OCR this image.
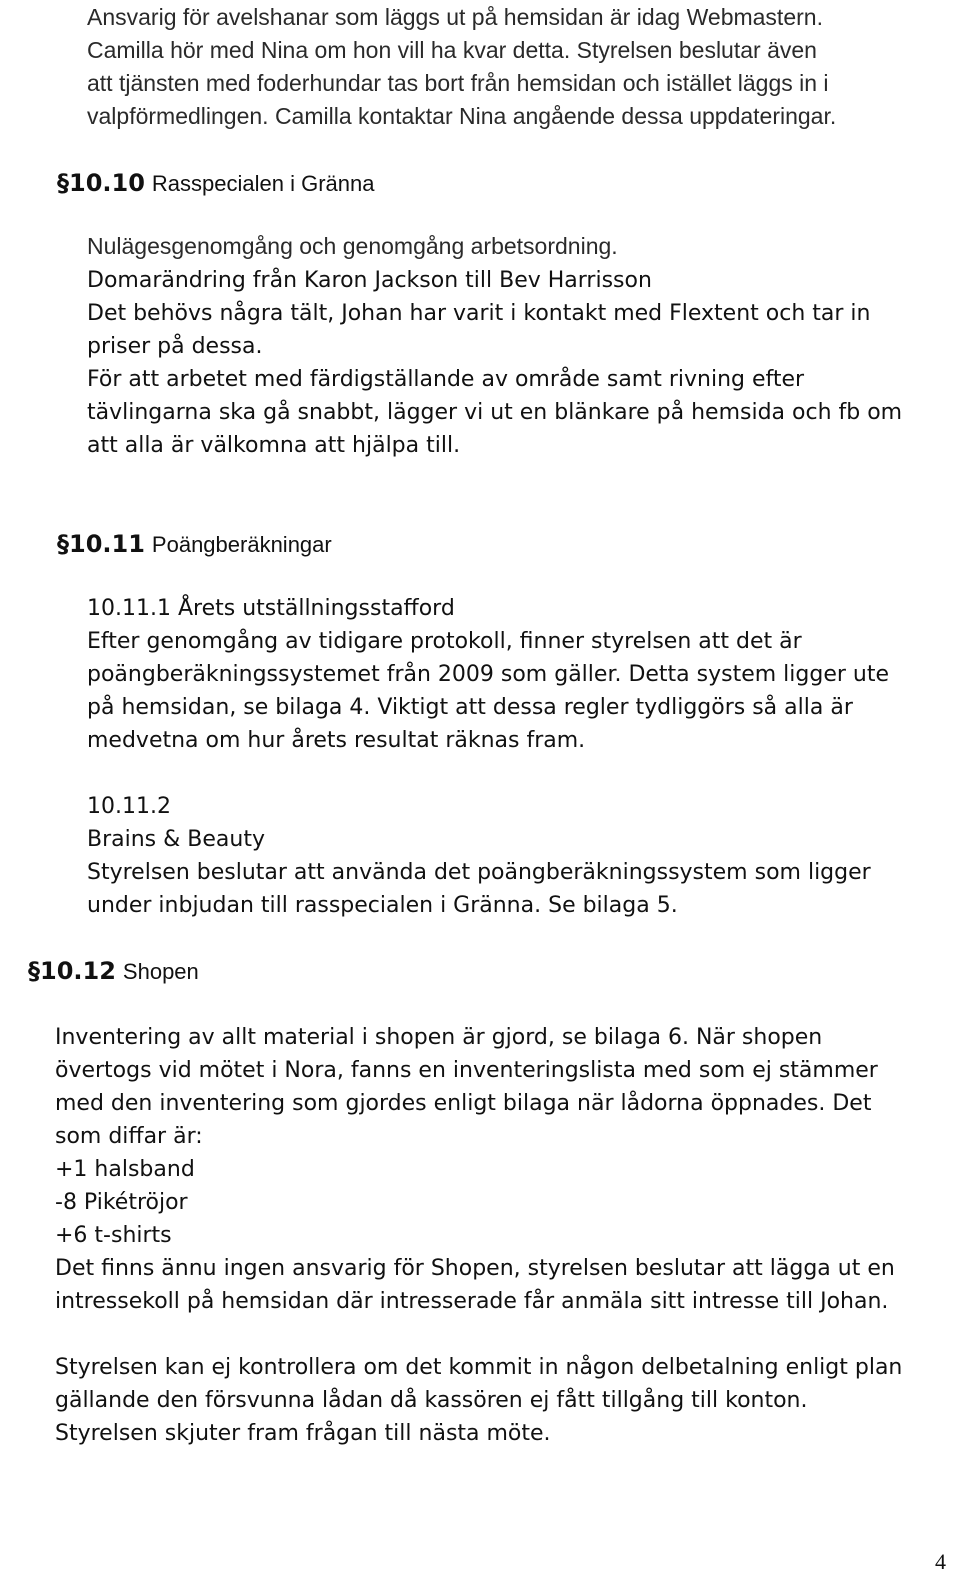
Ansvarig för avelshanar som läggs ut på hemsidan är idag Webmastern.

Camilla hör med Nina om hon vill ha kvar detta. Styrelsen beslutar även

att tjänsten med foderhundar tas bort från hemsidan och istället läggs in i

valpförmedlingen. Camilla kontaktar Nina angående dessa uppdateringar.

§10.10 Rasspecialen i Gränna

Nulägesgenomgång och genomgång arbetsordning.

Domarändring från Karon Jackson till Bev Harrisson

Det behövs några tält, Johan har varit i kontakt med Flextent och tar in

priser på dessa.

För att arbetet med färdigställande av område samt rivning efter

tävlingarna ska gå snabbt, lägger vi ut en blänkare på hemsida och fb om

att alla är välkomna att hjälpa till.

§10.11 Poängberäkningar

10.11.1 Årets utställningsstafford

Efter genomgång av tidigare protokoll, finner styrelsen att det är

poängberäkningssystemet från 2009 som gäller. Detta system ligger ute

på hemsidan, se bilaga 4. Viktigt att dessa regler tydliggörs så alla är

medvetna om hur årets resultat räknas fram.

10.11.2

Brains & Beauty

Styrelsen beslutar att använda det poängberäkningssystem som ligger

under inbjudan till rasspecialen i Gränna. Se bilaga 5.

§10.12 Shopen

Inventering av allt material i shopen är gjord, se bilaga 6. När shopen

övertogs vid mötet i Nora, fanns en inventeringslista med som ej stämmer

med den inventering som gjordes enligt bilaga när lådorna öppnades. Det

som diffar är:

+1 halsband

-8 Pikétröjor

+6 t-shirts

Det finns ännu ingen ansvarig för Shopen, styrelsen beslutar att lägga ut en

intressekoll på hemsidan där intresserade får anmäla sitt intresse till Johan.

Styrelsen kan ej kontrollera om det kommit in någon delbetalning enligt plan

gällande den försvunna lådan då kassören ej fått tillgång till konton.

Styrelsen skjuter fram frågan till nästa möte.

4
